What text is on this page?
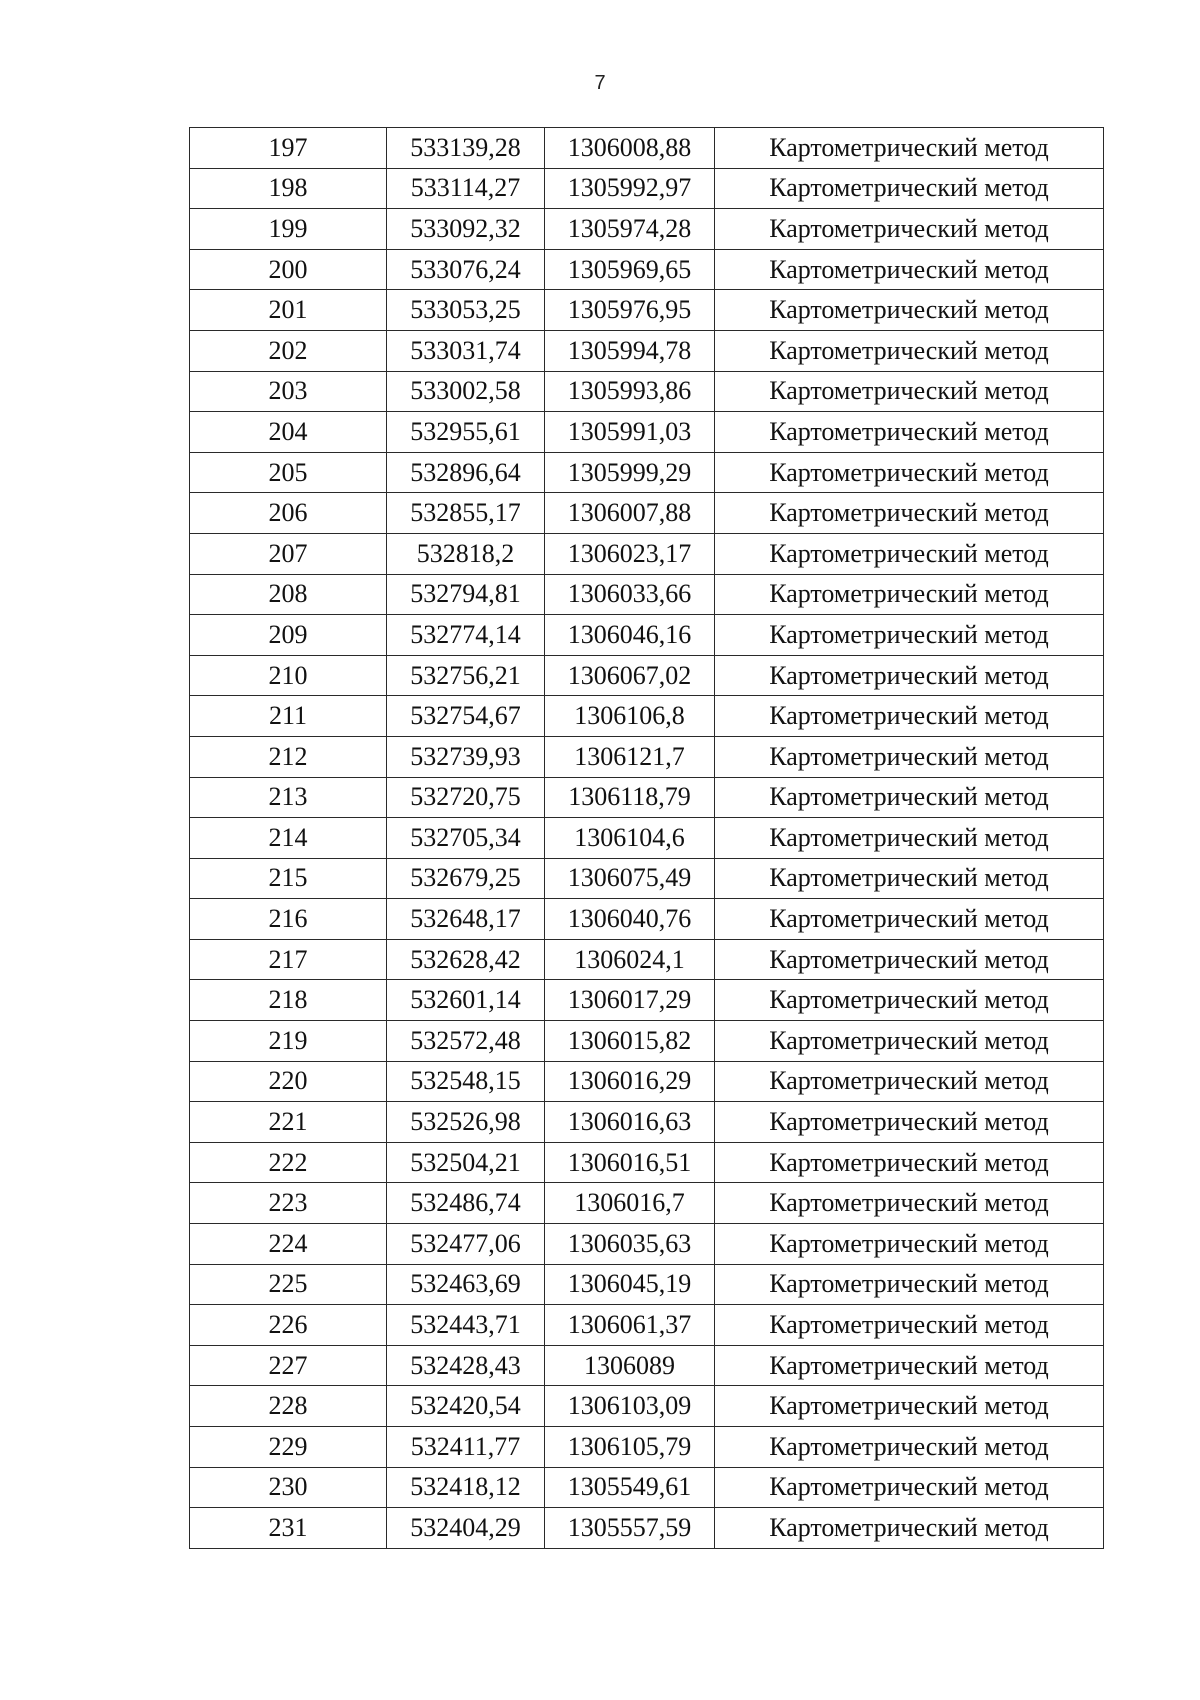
7
197	533139,28	1306008,88	Картометрический метод
198	533114,27	1305992,97	Картометрический метод
199	533092,32	1305974,28	Картометрический метод
200	533076,24	1305969,65	Картометрический метод
201	533053,25	1305976,95	Картометрический метод
202	533031,74	1305994,78	Картометрический метод
203	533002,58	1305993,86	Картометрический метод
204	532955,61	1305991,03	Картометрический метод
205	532896,64	1305999,29	Картометрический метод
206	532855,17	1306007,88	Картометрический метод
207	532818,2	1306023,17	Картометрический метод
208	532794,81	1306033,66	Картометрический метод
209	532774,14	1306046,16	Картометрический метод
210	532756,21	1306067,02	Картометрический метод
211	532754,67	1306106,8	Картометрический метод
212	532739,93	1306121,7	Картометрический метод
213	532720,75	1306118,79	Картометрический метод
214	532705,34	1306104,6	Картометрический метод
215	532679,25	1306075,49	Картометрический метод
216	532648,17	1306040,76	Картометрический метод
217	532628,42	1306024,1	Картометрический метод
218	532601,14	1306017,29	Картометрический метод
219	532572,48	1306015,82	Картометрический метод
220	532548,15	1306016,29	Картометрический метод
221	532526,98	1306016,63	Картометрический метод
222	532504,21	1306016,51	Картометрический метод
223	532486,74	1306016,7	Картометрический метод
224	532477,06	1306035,63	Картометрический метод
225	532463,69	1306045,19	Картометрический метод
226	532443,71	1306061,37	Картометрический метод
227	532428,43	1306089	Картометрический метод
228	532420,54	1306103,09	Картометрический метод
229	532411,77	1306105,79	Картометрический метод
230	532418,12	1305549,61	Картометрический метод
231	532404,29	1305557,59	Картометрический метод
